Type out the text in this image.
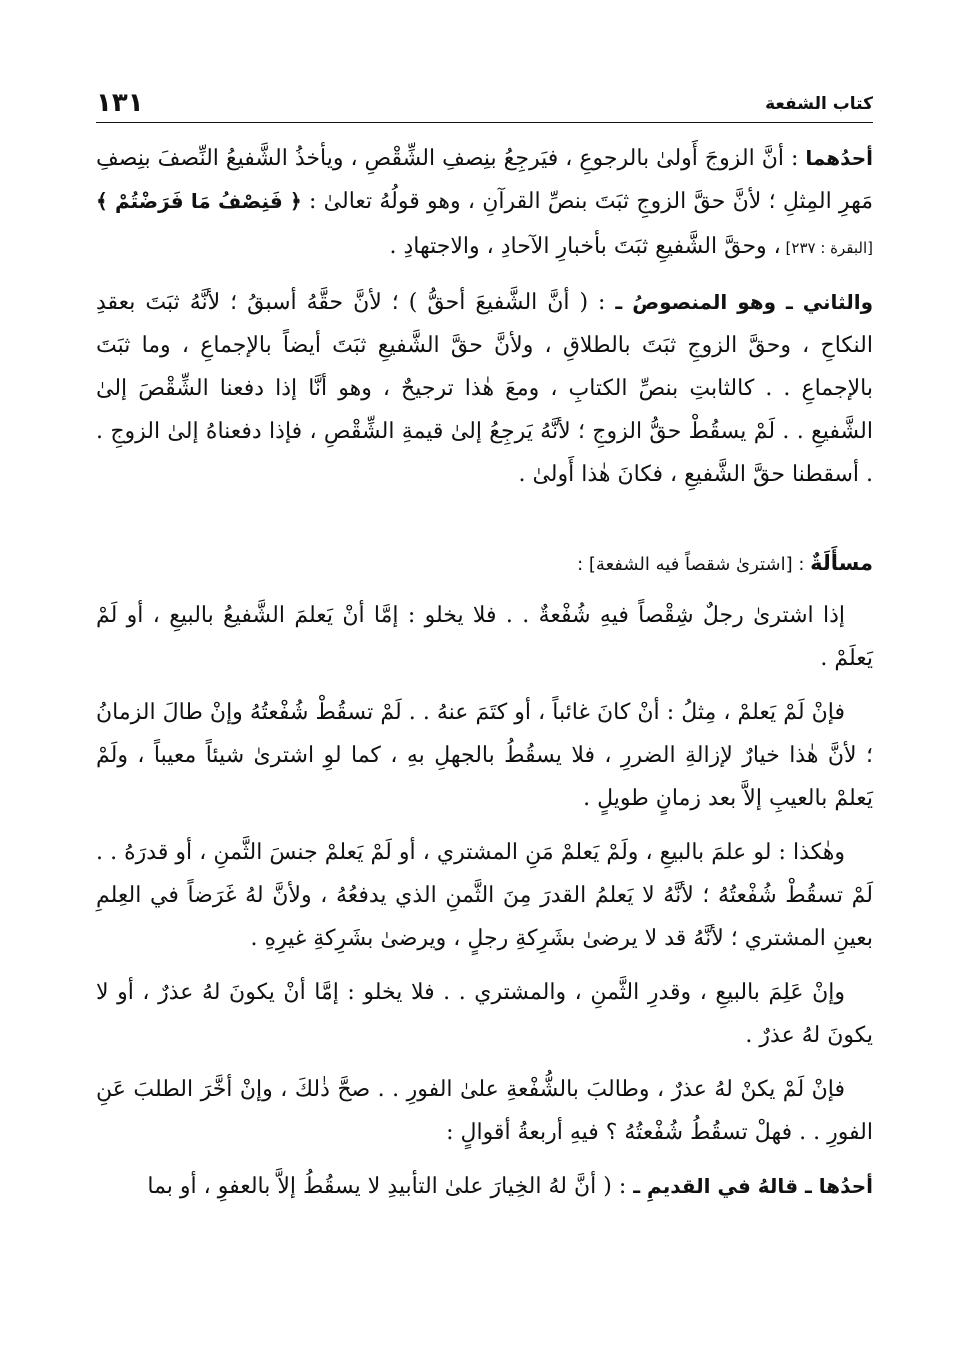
كتاب الشفعة
١٣١

أحدُهما : أنَّ الزوجَ أَولىٰ بالرجوعِ ، فيَرجِعُ بنِصفِ الشِّقْصِ ، ويأخذُ الشَّفيعُ النِّصفَ بنِصفِ مَهرِ المِثلِ ؛ لأنَّ حقَّ الزوجِ ثبَتَ بنصِّ القرآنِ ، وهو قولُهُ تعالىٰ : ﴿ فَنِصْفُ مَا فَرَضْتُمْ ﴾ [البقرة : ٢٣٧] ، وحقَّ الشَّفيعِ ثبَتَ بأخبارِ الآحادِ ، والاجتهادِ .

والثاني ـ وهو المنصوصُ ـ : ( أنَّ الشَّفيعَ أحقُّ ) ؛ لأنَّ حقَّهُ أسبقُ ؛ لأنَّهُ ثبَتَ بعقدِ النكاحِ ، وحقَّ الزوجِ ثبَتَ بالطلاقِ ، ولأنَّ حقَّ الشَّفيعِ ثبَتَ أيضاً بالإجماعِ ، وما ثبَتَ بالإجماعِ . . كالثابتِ بنصِّ الكتابِ ، ومعَ هٰذا ترجيحٌ ، وهو أنَّا إذا دفعنا الشِّقْصَ إلىٰ الشَّفيعِ . . لَمْ يسقُطْ حقُّ الزوجِ ؛ لأنَّهُ يَرجِعُ إلىٰ قيمةِ الشِّقْصِ ، فإذا دفعناهُ إلىٰ الزوجِ . . أسقطنا حقَّ الشَّفيعِ ، فكانَ هٰذا أَولىٰ .

مسأَلَةٌ : [اشترىٰ شقصاً فيه الشفعة] :

إذا اشترىٰ رجلٌ شِقْصاً فيهِ شُفْعةٌ . . فلا يخلو : إمَّا أنْ يَعلمَ الشَّفيعُ بالبيعِ ، أو لَمْ يَعلَمْ .

فإنْ لَمْ يَعلمْ ، مِثلُ : أنْ كانَ غائباً ، أو كتَمَ عنهُ . . لَمْ تسقُطْ شُفْعتُهُ وإنْ طالَ الزمانُ ؛ لأنَّ هٰذا خيارٌ لإزالةِ الضررِ ، فلا يسقُطُ بالجهلِ بهِ ، كما لوِ اشترىٰ شيئاً معيباً ، ولَمْ يَعلمْ بالعيبِ إلاَّ بعد زمانٍ طويلٍ .

وهٰكذا : لو علمَ بالبيعِ ، ولَمْ يَعلمْ مَنِ المشتري ، أو لَمْ يَعلمْ جنسَ الثَّمنِ ، أو قدرَهُ . . لَمْ تسقُطْ شُفْعتُهُ ؛ لأنَّهُ لا يَعلمُ القدرَ مِنَ الثَّمنِ الذي يدفعُهُ ، ولأنَّ لهُ غَرَضاً في العِلمِ بعينِ المشتري ؛ لأنَّهُ قد لا يرضىٰ بشَرِكةِ رجلٍ ، ويرضىٰ بشَرِكةِ غيرِهِ .

وإنْ عَلِمَ بالبيعِ ، وقدرِ الثَّمنِ ، والمشتري . . فلا يخلو : إمَّا أنْ يكونَ لهُ عذرٌ ، أو لا يكونَ لهُ عذرٌ .

فإنْ لَمْ يكنْ لهُ عذرٌ ، وطالبَ بالشُّفْعةِ علىٰ الفورِ . . صحَّ ذٰلكَ ، وإنْ أخَّرَ الطلبَ عَنِ الفورِ . . فهلْ تسقُطُ شُفْعتُهُ ؟ فيهِ أربعةُ أقوالٍ :

أحدُها ـ قالهُ في القديمِ ـ : ( أنَّ لهُ الخِيارَ علىٰ التأبيدِ لا يسقُطُ إلاَّ بالعفوِ ، أو بما
